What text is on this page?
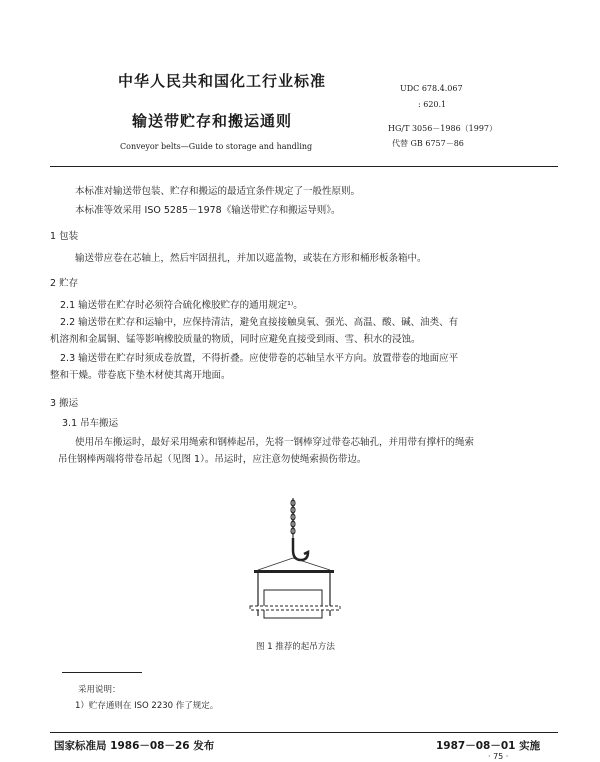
中华人民共和国化工行业标准
输送带贮存和搬运通则
Conveyor belts—Guide to storage and handling
UDC 678.4.067
: 620.1
HG/T 3056－1986（1997）
代替 GB 6757－86
本标准对输送带包装、贮存和搬运的最适宜条件规定了一般性原则。
本标准等效采用 ISO 5285－1978《输送带贮存和搬运导则》。
1 包装
输送带应卷在芯轴上，然后牢固扭扎，并加以遮盖物，或装在方形和桶形板条箱中。
2 贮存
2.1 输送带在贮存时必须符合硫化橡胶贮存的通用规定¹⁾。
2.2 输送带在贮存和运输中，应保持清洁，避免直接接触臭氧、强光、高温、酸、碱、油类、有
机溶剂和金属铜、锰等影响橡胶质量的物质，同时应避免直接受到雨、雪、积水的浸蚀。
2.3 输送带在贮存时须成卷放置，不得折叠。应使带卷的芯轴呈水平方向。放置带卷的地面应平
整和干燥。带卷底下垫木材使其离开地面。
3 搬运
3.1 吊车搬运
使用吊车搬运时，最好采用绳索和钢棒起吊，先将一钢棒穿过带卷芯轴孔，并用带有撑杆的绳索
吊住钢棒两端将带卷吊起（见图 1）。吊运时，应注意勿使绳索损伤带边。
图 1 推荐的起吊方法
采用说明：
1）贮存通则在 ISO 2230 作了规定。
国家标准局 1986－08－26 发布	1987－08－01 实施
· 75 ·
